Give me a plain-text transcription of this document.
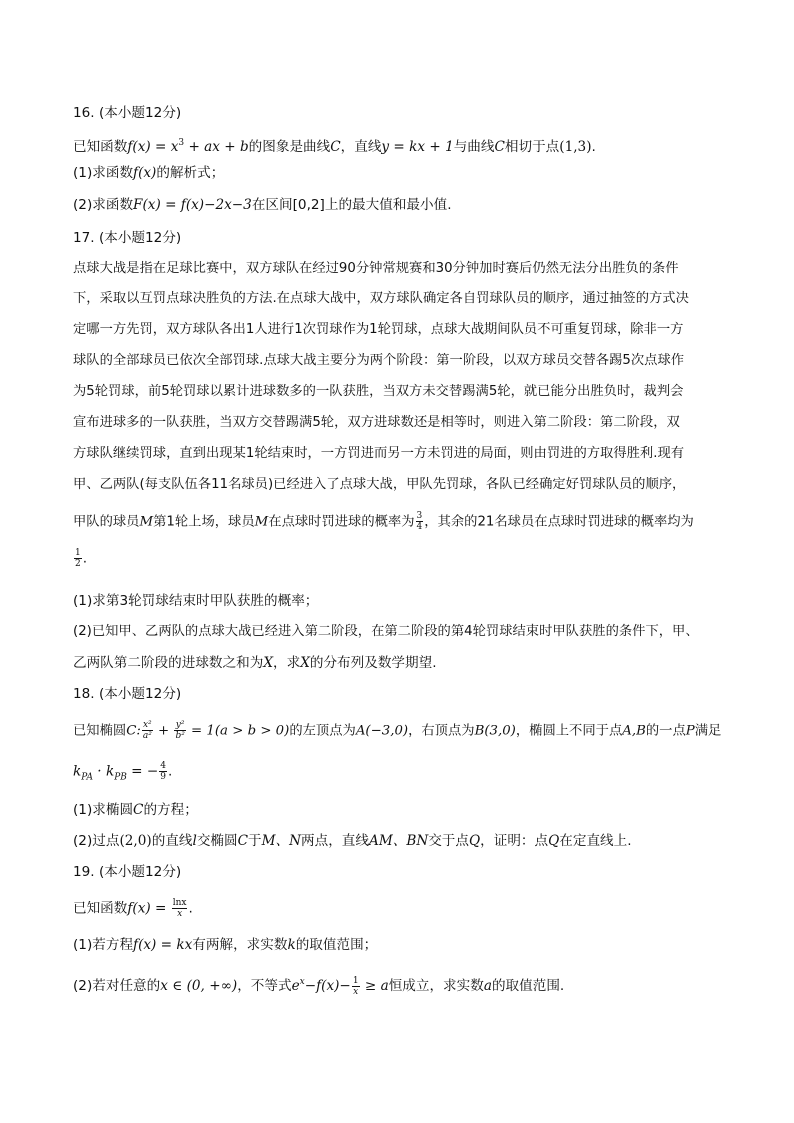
16. (本小题12分)
已知函数$f(x) = x^3$ + ax + b的图象是曲线C，直线y = kx + 1与曲线C相切于点(1,3).
(1)求函数f(x)的解析式；
(2)求函数F(x) = f(x)−2x−3在区间[0,2]上的最大值和最小值.
17. (本小题12分)
点球大战是指在足球比赛中，双方球队在经过90分钟常规赛和30分钟加时赛后仍然无法分出胜负的条件
下，采取以互罚点球决胜负的方法.在点球大战中，双方球队确定各自罚球队员的顺序，通过抽签的方式决
定哪一方先罚，双方球队各出1人进行1次罚球作为1轮罚球，点球大战期间队员不可重复罚球，除非一方
球队的全部球员已依次全部罚球.点球大战主要分为两个阶段：第一阶段，以双方球员交替各踢5次点球作
为5轮罚球，前5轮罚球以累计进球数多的一队获胜，当双方未交替踢满5轮，就已能分出胜负时，裁判会
宣布进球多的一队获胜，当双方交替踢满5轮，双方进球数还是相等时，则进入第二阶段：第二阶段，双
方球队继续罚球，直到出现某1轮结束时，一方罚进而另一方未罚进的局面，则由罚进的方取得胜利.现有
甲、乙两队(每支队伍各11名球员)已经进入了点球大战，甲队先罚球，各队已经确定好罚球队员的顺序，
甲队的球员M第1轮上场，球员M在点球时罚进球的概率为 $\frac{3}{4}$ ，其余的21名球员在点球时罚进球的概率均为
$\frac{1}{2}$ .
(1)求第3轮罚球结束时甲队获胜的概率；
(2)已知甲、乙两队的点球大战已经进入第二阶段，在第二阶段的第4轮罚球结束时甲队获胜的条件下，甲、
乙两队第二阶段的进球数之和为X，求X的分布列及数学期望.
18. (本小题12分)
已知椭圆C: $\frac{\text{x²}}{\text{a²}} + \frac{\text{y²}}{\text{b²}} = 1(a > b > 0)$的左顶点为A(−3,0)，右顶点为B(3,0)，椭圆上不同于点A,B的一点P满足
$k_{PA} \cdot k_{PB}$ = − $\frac{4}{9}$ .
(1)求椭圆C的方程；
(2)过点(2,0)的直线l交椭圆C于M、N两点，直线AM、BN交于点Q，证明：点Q在定直线上.
19. (本小题12分)
已知函数$f(x) = \frac{\ln x}{x}$ .
(1)若方程f(x) = kx有两解，求实数k的取值范围；
(2)若对任意的x ∈ (0, +∞)，不等式$e^x-f(x)- \frac{1}{x} \ge a$恒成立，求实数a的取值范围.
